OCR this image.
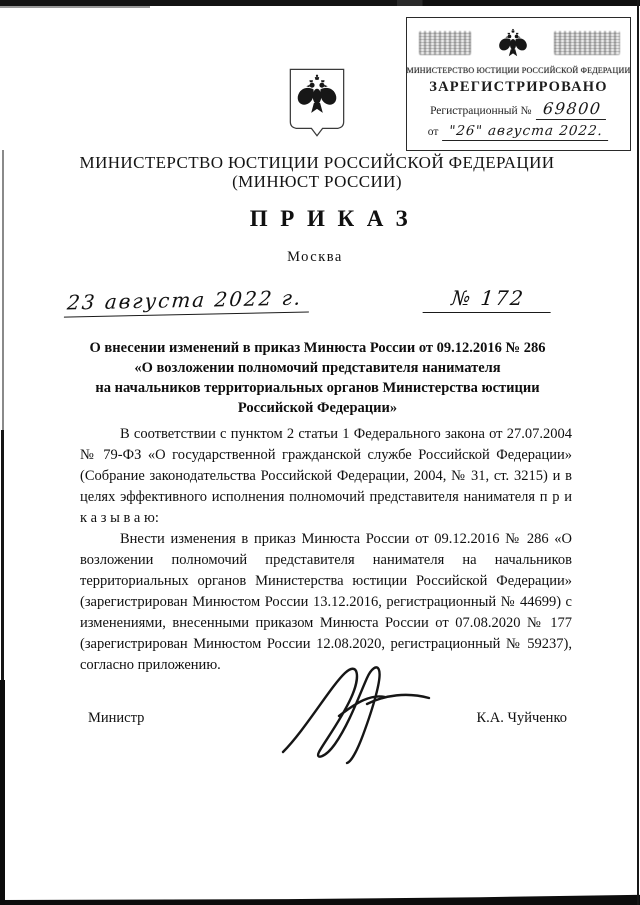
МИНИСТЕРСТВО ЮСТИЦИИ РОССИЙСКОЙ ФЕДЕРАЦИИ
ЗАРЕГИСТРИРОВАНО
Регистрационный № 69800
от "26" августа 2022.
МИНИСТЕРСТВО ЮСТИЦИИ РОССИЙСКОЙ ФЕДЕРАЦИИ
(МИНЮСТ РОССИИ)
ПРИКАЗ
Москва
23 августа 2022 г.	№ 172
О внесении изменений в приказ Минюста России от 09.12.2016 № 286
«О возложении полномочий представителя нанимателя
на начальников территориальных органов Министерства юстиции
Российской Федерации»

В соответствии с пунктом 2 статьи 1 Федерального закона от 27.07.2004 № 79-ФЗ «О государственной гражданской службе Российской Федерации» (Собрание законодательства Российской Федерации, 2004, № 31, ст. 3215) и в целях эффективного исполнения полномочий представителя нанимателя п р и к а з ы в а ю:

Внести изменения в приказ Минюста России от 09.12.2016 № 286 «О возложении полномочий представителя нанимателя на начальников территориальных органов Министерства юстиции Российской Федерации» (зарегистрирован Минюстом России 13.12.2016, регистрационный № 44699) с изменениями, внесенными приказом Минюста России от 07.08.2020 № 177 (зарегистрирован Минюстом России 12.08.2020, регистрационный № 59237), согласно приложению.

Министр	К.А. Чуйченко
